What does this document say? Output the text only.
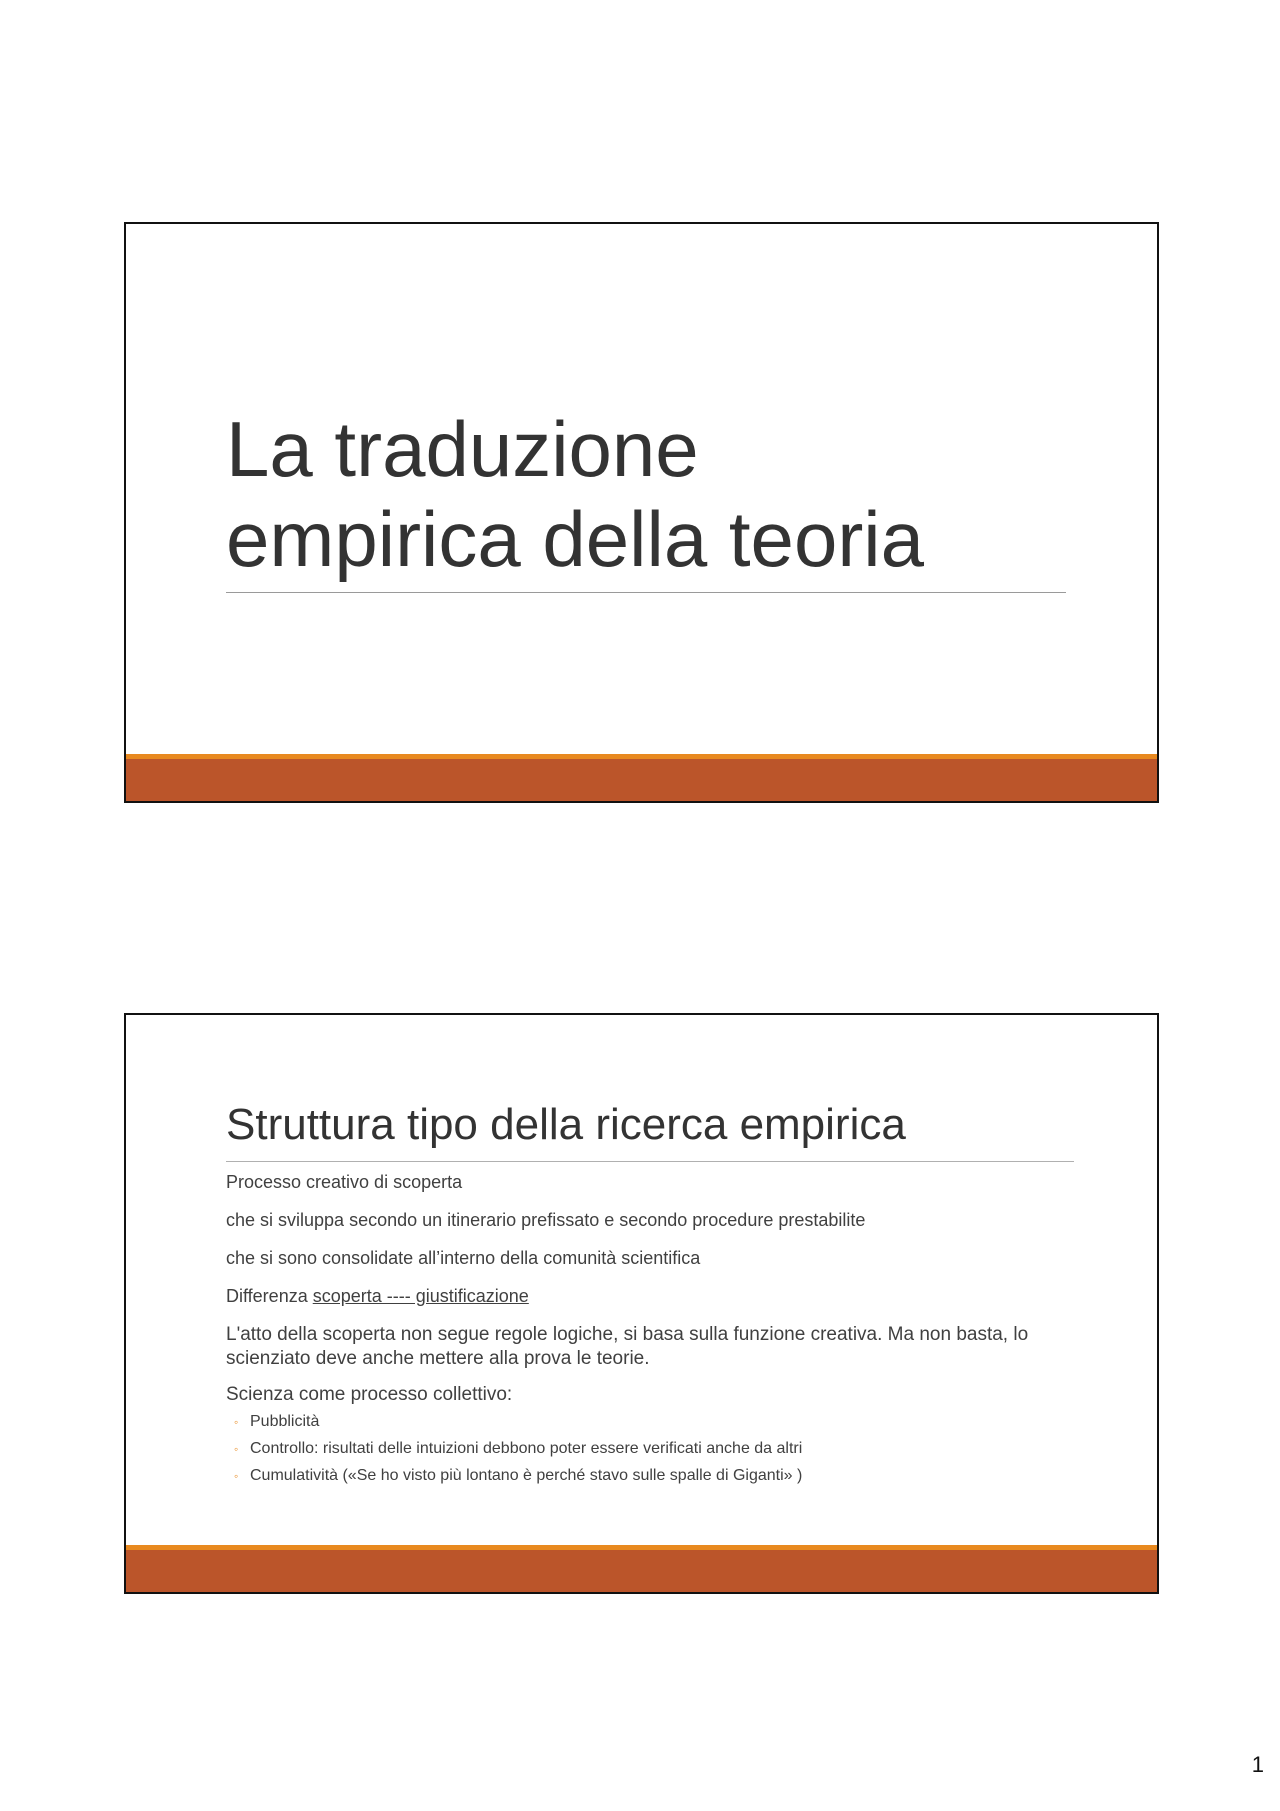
La traduzione empirica della teoria
Struttura tipo della ricerca empirica
Processo creativo di scoperta
che si sviluppa secondo un itinerario prefissato e secondo procedure prestabilite
che si sono consolidate all’interno della comunità scientifica
Differenza scoperta ---- giustificazione
L'atto della scoperta non segue regole logiche, si basa sulla funzione creativa. Ma non basta, lo scienziato deve anche mettere alla prova le teorie.
Scienza come processo collettivo:
◦ Pubblicità
◦ Controllo: risultati delle intuizioni debbono poter essere verificati anche da altri
◦ Cumulatività («Se ho visto più lontano è perché stavo sulle spalle di Giganti» )
1
